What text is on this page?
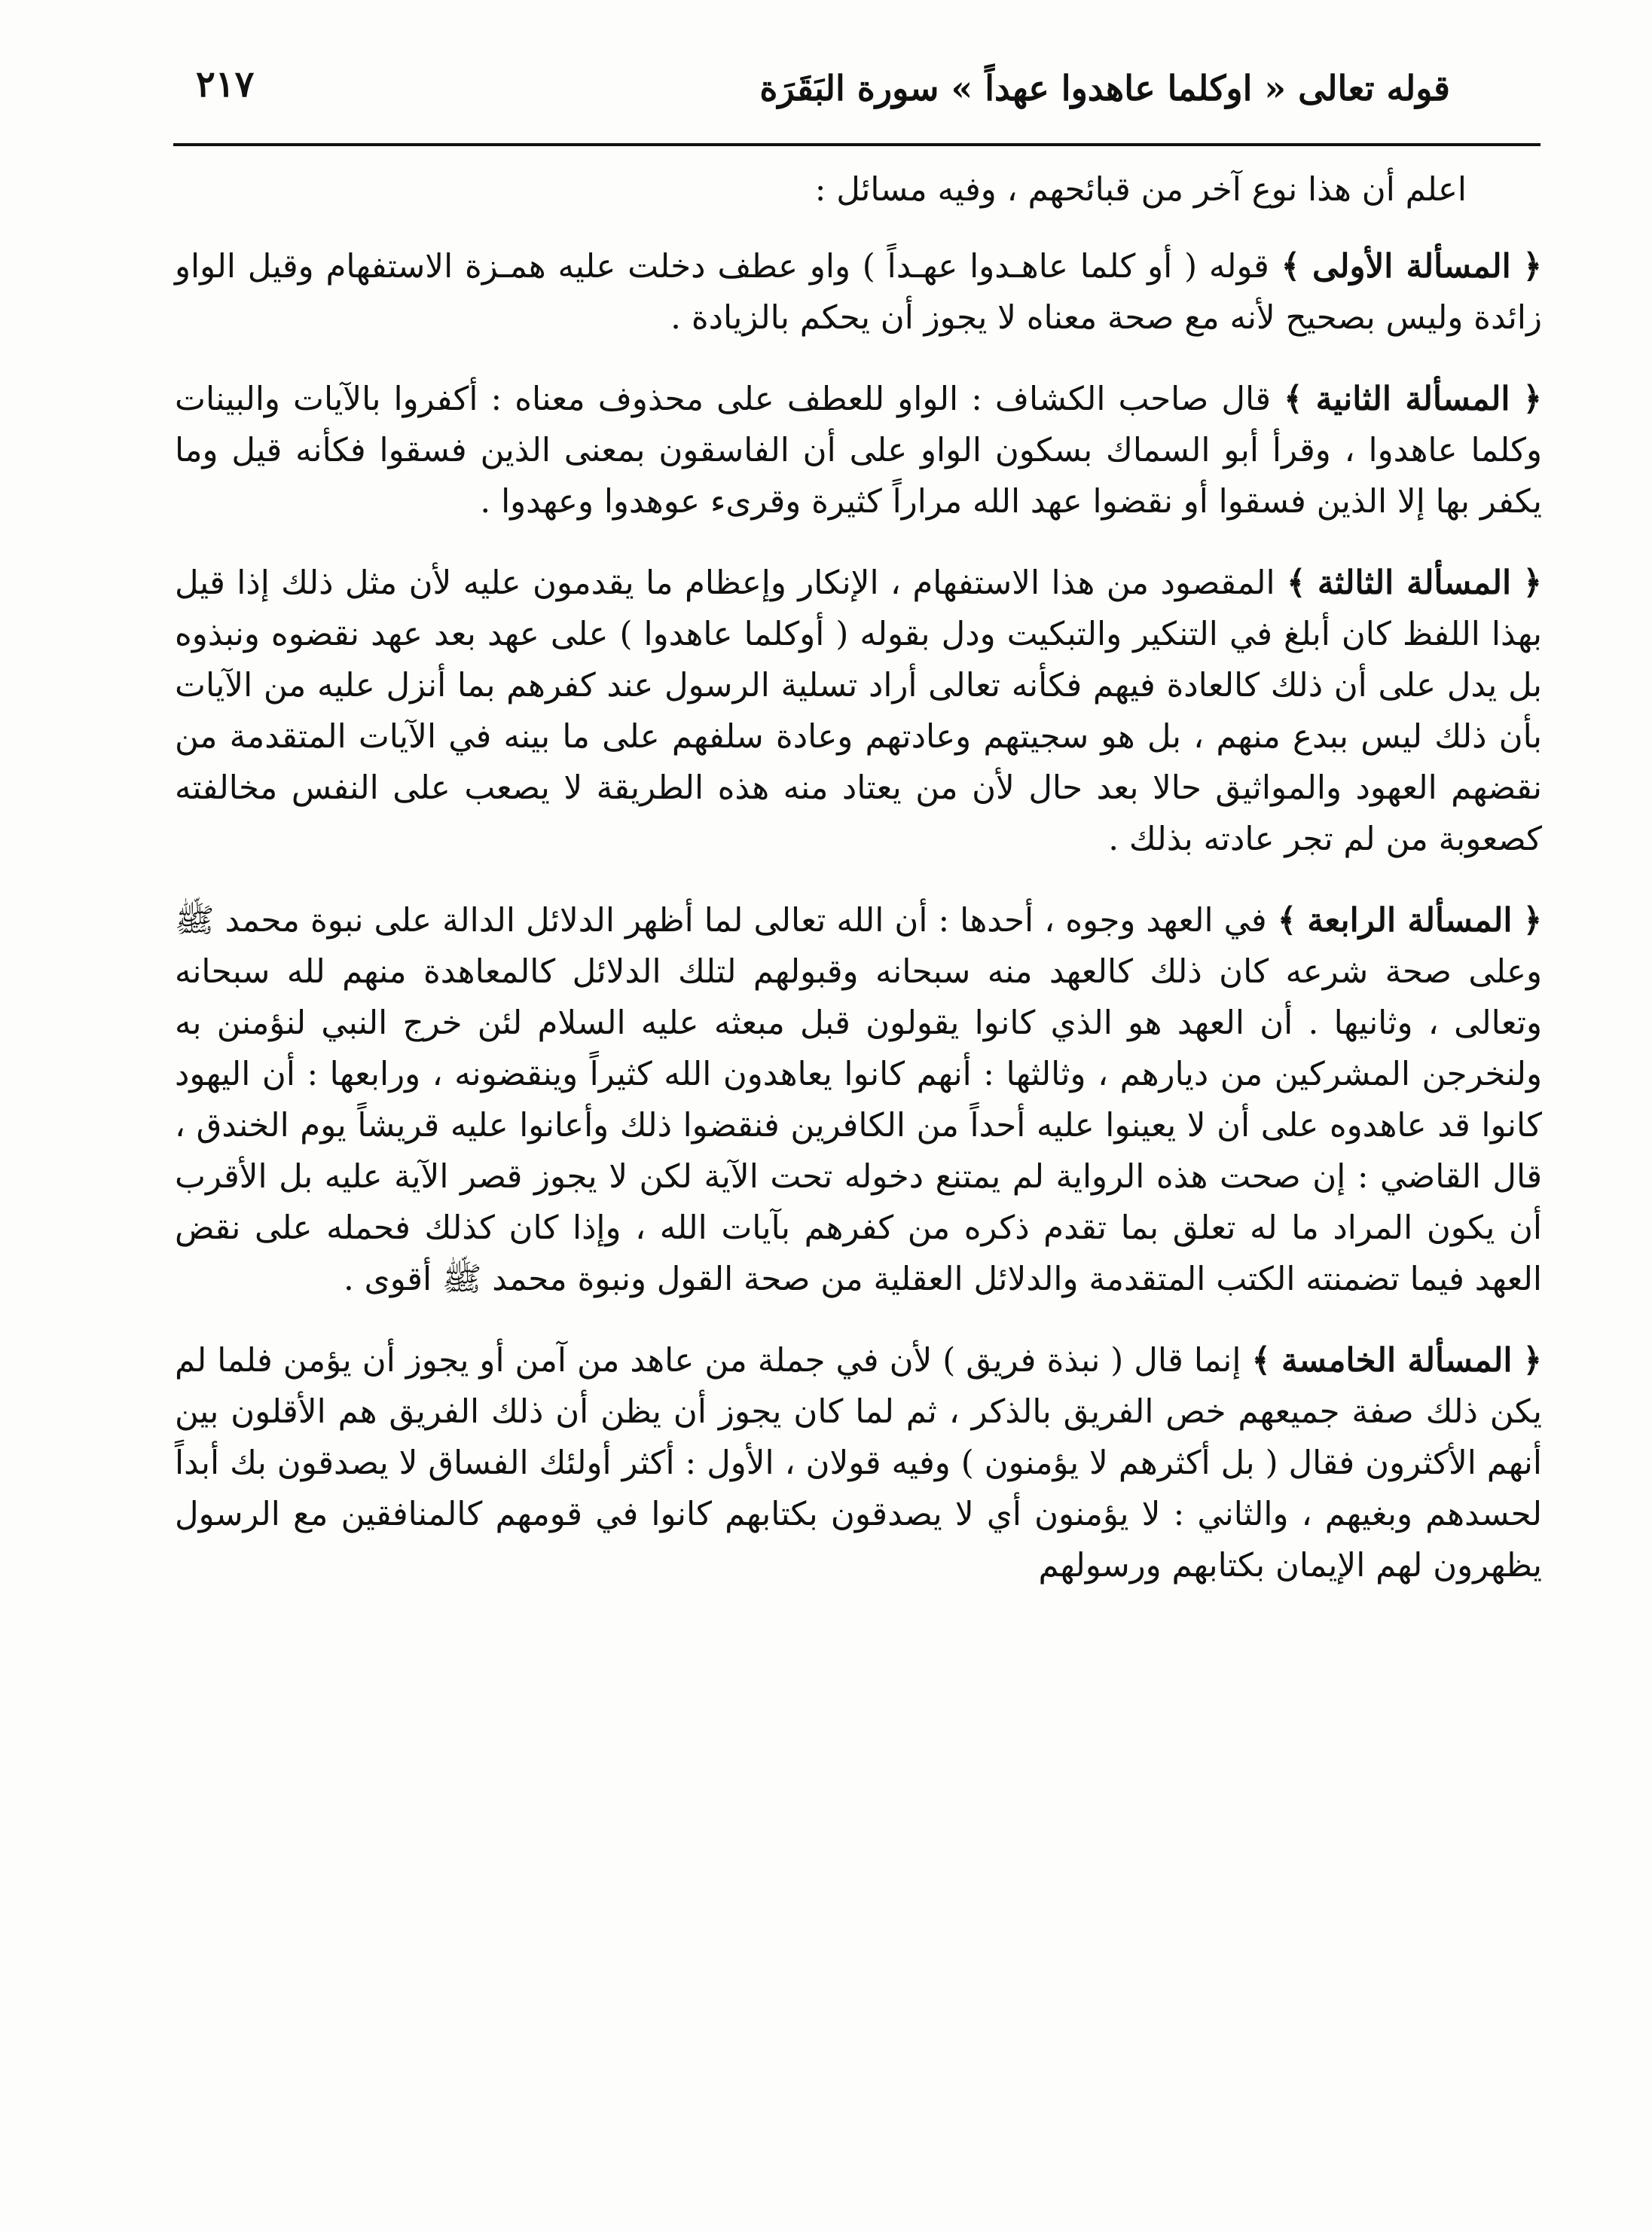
٢١٧	قوله تعالى « اوكلما عاهدوا عهداً » سورة البَقَرَة

اعلم أن هذا نوع آخر من قبائحهم ، وفيه مسائل :

﴿ المسألة الأولى ﴾ قوله ( أو كلما عاهـدوا عهـداً ) واو عطف دخلت عليه همـزة الاستفهام وقيل الواو زائدة وليس بصحيح لأنه مع صحة معناه لا يجوز أن يحكم بالزيادة .

﴿ المسألة الثانية ﴾ قال صاحب الكشاف : الواو للعطف على محذوف معناه : أكفروا بالآيات والبينات وكلما عاهدوا ، وقرأ أبو السماك بسكون الواو على أن الفاسقون بمعنى الذين فسقوا فكأنه قيل وما يكفر بها إلا الذين فسقوا أو نقضوا عهد الله مراراً كثيرة وقرىء عوهدوا وعهدوا .

﴿ المسألة الثالثة ﴾ المقصود من هذا الاستفهام ، الإنكار وإعظام ما يقدمون عليه لأن مثل ذلك إذا قيل بهذا اللفظ كان أبلغ في التنكير والتبكيت ودل بقوله ( أوكلما عاهدوا ) على عهد بعد عهد نقضوه ونبذوه بل يدل على أن ذلك كالعادة فيهم فكأنه تعالى أراد تسلية الرسول عند كفرهم بما أنزل عليه من الآيات بأن ذلك ليس ببدع منهم ، بل هو سجيتهم وعادتهم وعادة سلفهم على ما بينه في الآيات المتقدمة من نقضهم العهود والمواثيق حالا بعد حال لأن من يعتاد منه هذه الطريقة لا يصعب على النفس مخالفته كصعوبة من لم تجر عادته بذلك .

﴿ المسألة الرابعة ﴾ في العهد وجوه ، أحدها : أن الله تعالى لما أظهر الدلائل الدالة على نبوة محمد ﷺ وعلى صحة شرعه كان ذلك كالعهد منه سبحانه وقبولهم لتلك الدلائل كالمعاهدة منهم لله سبحانه وتعالى ، وثانيها . أن العهد هو الذي كانوا يقولون قبل مبعثه عليه السلام لئن خرج النبي لنؤمنن به ولنخرجن المشركين من ديارهم ، وثالثها : أنهم كانوا يعاهدون الله كثيراً وينقضونه ، ورابعها : أن اليهود كانوا قد عاهدوه على أن لا يعينوا عليه أحداً من الكافرين فنقضوا ذلك وأعانوا عليه قريشاً يوم الخندق ، قال القاضي : إن صحت هذه الرواية لم يمتنع دخوله تحت الآية لكن لا يجوز قصر الآية عليه بل الأقرب أن يكون المراد ما له تعلق بما تقدم ذكره من كفرهم بآيات الله ، وإذا كان كذلك فحمله على نقض العهد فيما تضمنته الكتب المتقدمة والدلائل العقلية من صحة القول ونبوة محمد ﷺ أقوى .

﴿ المسألة الخامسة ﴾ إنما قال ( نبذة فريق ) لأن في جملة من عاهد من آمن أو يجوز أن يؤمن فلما لم يكن ذلك صفة جميعهم خص الفريق بالذكر ، ثم لما كان يجوز أن يظن أن ذلك الفريق هم الأقلون بين أنهم الأكثرون فقال ( بل أكثرهم لا يؤمنون ) وفيه قولان ، الأول : أكثر أولئك الفساق لا يصدقون بك أبداً لحسدهم وبغيهم ، والثاني : لا يؤمنون أي لا يصدقون بكتابهم كانوا في قومهم كالمنافقين مع الرسول يظهرون لهم الإيمان بكتابهم ورسولهم
